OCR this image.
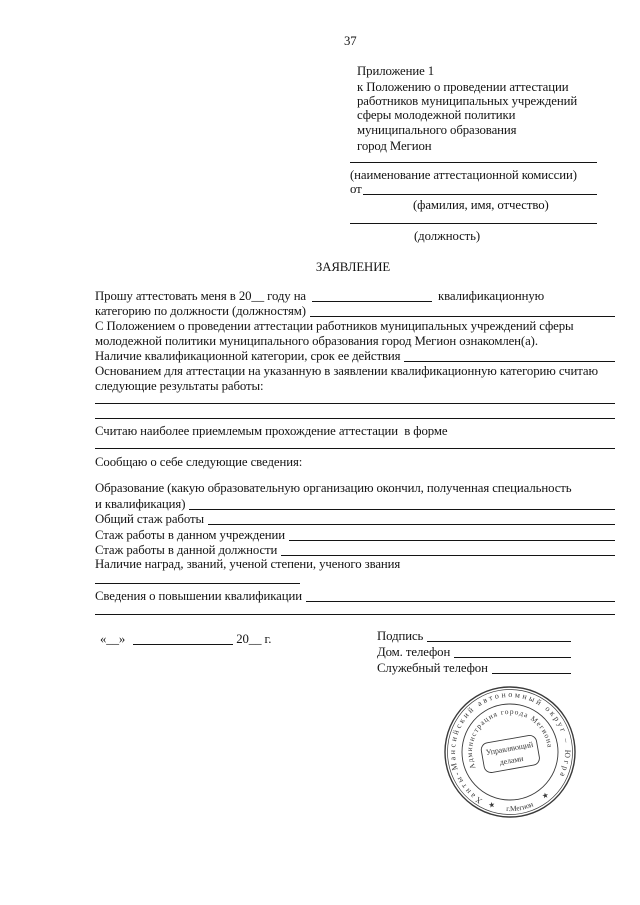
37
Приложение 1
к Положению о проведении аттестации
работников муниципальных учреждений
сферы молодежной политики
муниципального образования
город Мегион
(наименование аттестационной комиссии)
от
(фамилия, имя, отчество)
(должность)
ЗАЯВЛЕНИЕ
Прошу аттестовать меня в 20__ году на	квалификационную
категорию по должности (должностям)
С Положением о проведении аттестации работников муниципальных учреждений сферы
молодежной политики муниципального образования город Мегион ознакомлен(а).
Наличие квалификационной категории, срок ее действия
Основанием для аттестации на указанную в заявлении квалификационную категорию считаю
следующие результаты работы:
Считаю наиболее приемлемым прохождение аттестации  в форме
Сообщаю о себе следующие сведения:
Образование (какую образовательную организацию окончил, полученная специальность
и квалификация)
Общий стаж работы
Стаж работы в данном учреждении
Стаж работы в данной должности
Наличие наград, званий, ученой степени, ученого звания
Сведения о повышении квалификации
«__»	20__ г.	Подпись
Дом. телефон
Служебный телефон
Ханты-Мансийский автономный округ – Югра
Администрация города Мегиона
г.Мегион
Управляющий
делами
